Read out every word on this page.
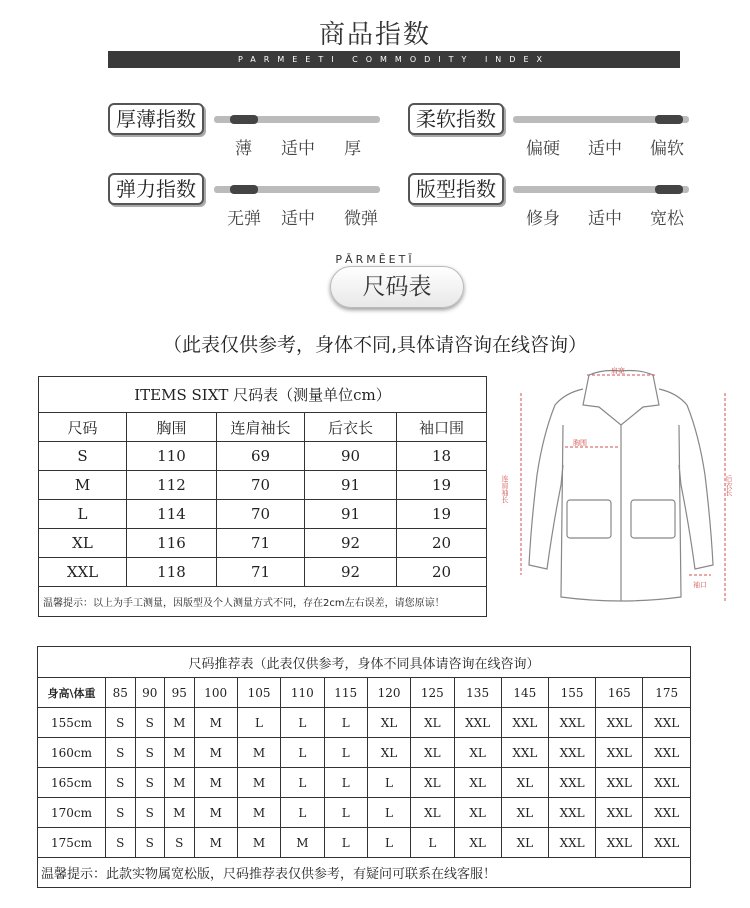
商品指数
PARMEETI COMMODITY INDEX
厚薄指数
薄 适中 厚
柔软指数
偏硬 适中 偏软
弹力指数
无弹 适中 微弹
版型指数
修身 适中 宽松
PĀRMĒETĪ
尺码表
（此表仅供参考，身体不同,具体请咨询在线咨询）
ITEMS SIXT 尺码表（测量单位cm）				
尺码	胸围	连肩袖长	后衣长	袖口围
S	110	69	90	18
M	112	70	91	19
L	114	70	91	19
XL	116	71	92	20
XXL	118	71	92	20
温馨提示：以上为手工测量，因版型及个人测量方式不同，存在2cm左右误差，请您原谅！				
肩宽
胸围
连肩袖长	后衣长
袖口
尺码推荐表（此表仅供参考，身体不同具体请咨询在线咨询）														
身高\体重	85	90	95	100	105	110	115	120	125	135	145	155	165	175
155cm	S	S	M	M	L	L	L	XL	XL	XXL	XXL	XXL	XXL	XXL
160cm	S	S	M	M	M	L	L	XL	XL	XL	XXL	XXL	XXL	XXL
165cm	S	S	M	M	M	L	L	L	XL	XL	XL	XXL	XXL	XXL
170cm	S	S	M	M	M	L	L	L	XL	XL	XL	XXL	XXL	XXL
175cm	S	S	S	M	M	M	L	L	L	XL	XL	XXL	XXL	XXL
温馨提示：此款实物属宽松版，尺码推荐表仅供参考，有疑问可联系在线客服！														
